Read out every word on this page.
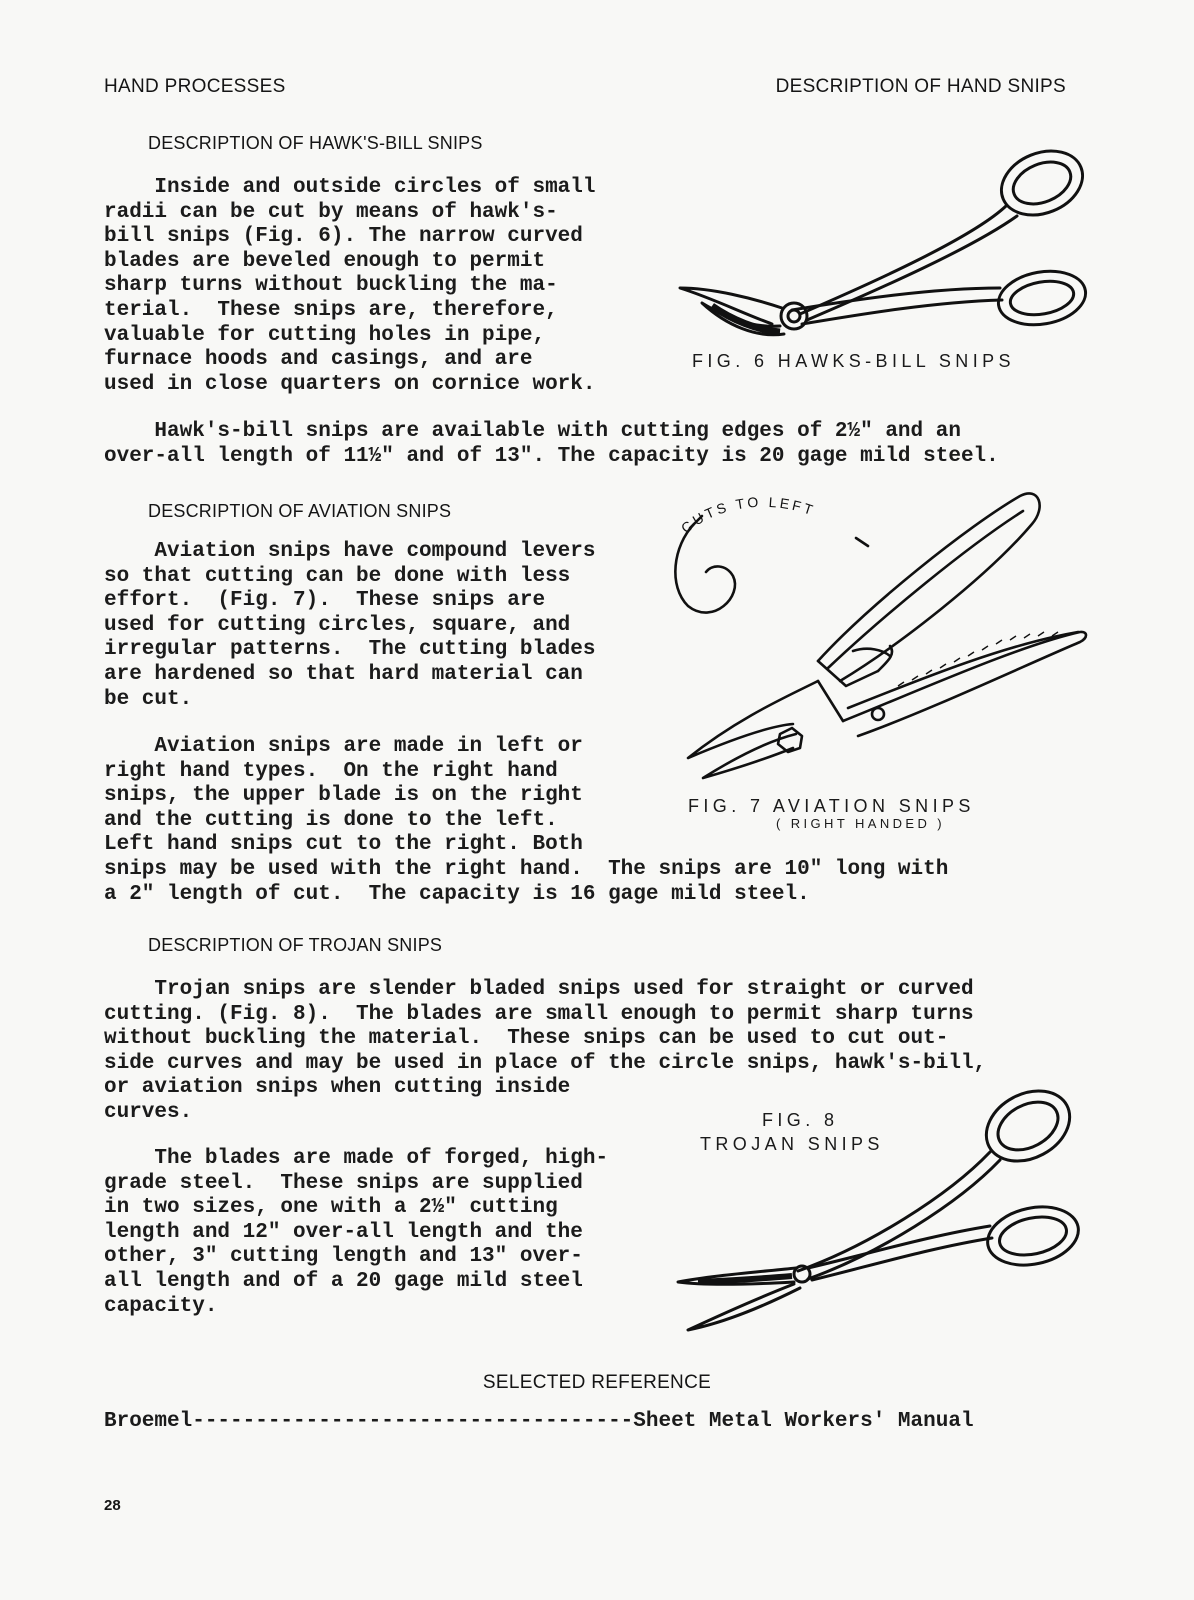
HAND PROCESSES	DESCRIPTION OF HAND SNIPS
DESCRIPTION OF HAWK'S-BILL SNIPS
Inside and outside circles of small
radii can be cut by means of hawk's-
bill snips (Fig. 6). The narrow curved
blades are beveled enough to permit
sharp turns without buckling the ma-
terial.  These snips are, therefore,
valuable for cutting holes in pipe,
furnace hoods and casings, and are
used in close quarters on cornice work.
Hawk's-bill snips are available with cutting edges of 2½" and an
over-all length of 11½" and of 13". The capacity is 20 gage mild steel.
FIG. 6 HAWKS-BILL SNIPS
DESCRIPTION OF AVIATION SNIPS
Aviation snips have compound levers
so that cutting can be done with less
effort.  (Fig. 7).  These snips are
used for cutting circles, square, and
irregular patterns.  The cutting blades
are hardened so that hard material can
be cut.
Aviation snips are made in left or
right hand types.  On the right hand
snips, the upper blade is on the right
and the cutting is done to the left.
Left hand snips cut to the right. Both
snips may be used with the right hand.  The snips are 10" long with
a 2" length of cut.  The capacity is 16 gage mild steel.
CUTS TO LEFT
FIG. 7 AVIATION SNIPS
( RIGHT HANDED )
DESCRIPTION OF TROJAN SNIPS
Trojan snips are slender bladed snips used for straight or curved
cutting. (Fig. 8).  The blades are small enough to permit sharp turns
without buckling the material.  These snips can be used to cut out-
side curves and may be used in place of the circle snips, hawk's-bill,
or aviation snips when cutting inside
curves.
The blades are made of forged, high-
grade steel.  These snips are supplied
in two sizes, one with a 2½" cutting
length and 12" over-all length and the
other, 3" cutting length and 13" over-
all length and of a 20 gage mild steel
capacity.
FIG. 8
TROJAN SNIPS
SELECTED REFERENCE
Broemel-----------------------------------Sheet Metal Workers' Manual
28
